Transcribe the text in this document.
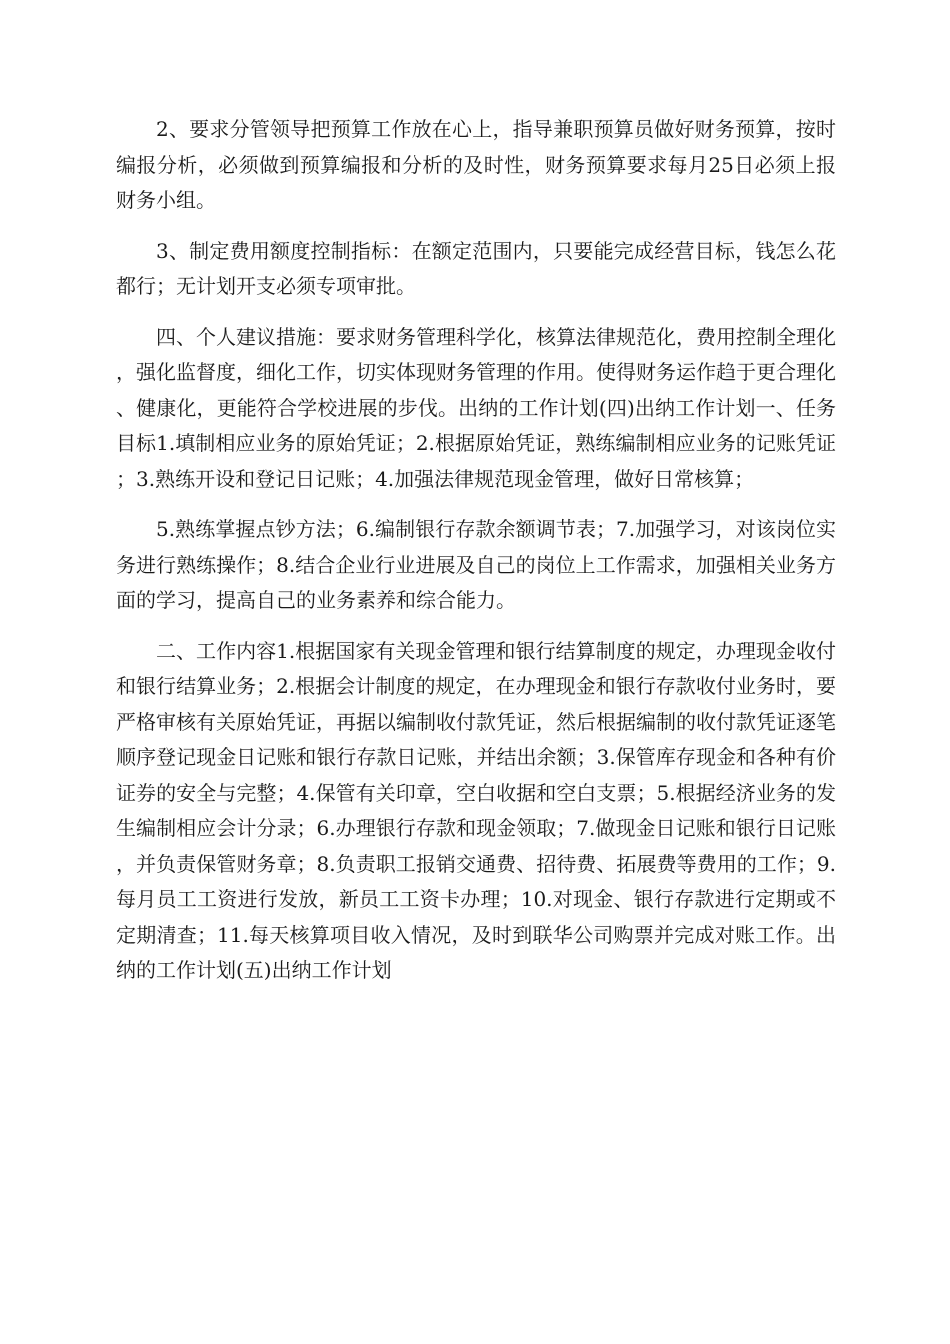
2、要求分管领导把预算工作放在心上，指导兼职预算员做好财务预算，按时编报分析，必须做到预算编报和分析的及时性，财务预算要求每月25日必须上报财务小组。

3、制定费用额度控制指标：在额定范围内，只要能完成经营目标，钱怎么花都行；无计划开支必须专项审批。

四、个人建议措施：要求财务管理科学化，核算法律规范化，费用控制全理化，强化监督度，细化工作，切实体现财务管理的作用。使得财务运作趋于更合理化、健康化，更能符合学校进展的步伐。出纳的工作计划(四)出纳工作计划一、任务目标1.填制相应业务的原始凭证；2.根据原始凭证，熟练编制相应业务的记账凭证；3.熟练开设和登记日记账；4.加强法律规范现金管理，做好日常核算；

5.熟练掌握点钞方法；6.编制银行存款余额调节表；7.加强学习，对该岗位实务进行熟练操作；8.结合企业行业进展及自己的岗位上工作需求，加强相关业务方面的学习，提高自己的业务素养和综合能力。

二、工作内容1.根据国家有关现金管理和银行结算制度的规定，办理现金收付和银行结算业务；2.根据会计制度的规定，在办理现金和银行存款收付业务时，要严格审核有关原始凭证，再据以编制收付款凭证，然后根据编制的收付款凭证逐笔顺序登记现金日记账和银行存款日记账，并结出余额；3.保管库存现金和各种有价证券的安全与完整；4.保管有关印章，空白收据和空白支票；5.根据经济业务的发生编制相应会计分录；6.办理银行存款和现金领取；7.做现金日记账和银行日记账，并负责保管财务章；8.负责职工报销交通费、招待费、拓展费等费用的工作；9.每月员工工资进行发放，新员工工资卡办理；10.对现金、银行存款进行定期或不定期清查；11.每天核算项目收入情况，及时到联华公司购票并完成对账工作。出纳的工作计划(五)出纳工作计划
